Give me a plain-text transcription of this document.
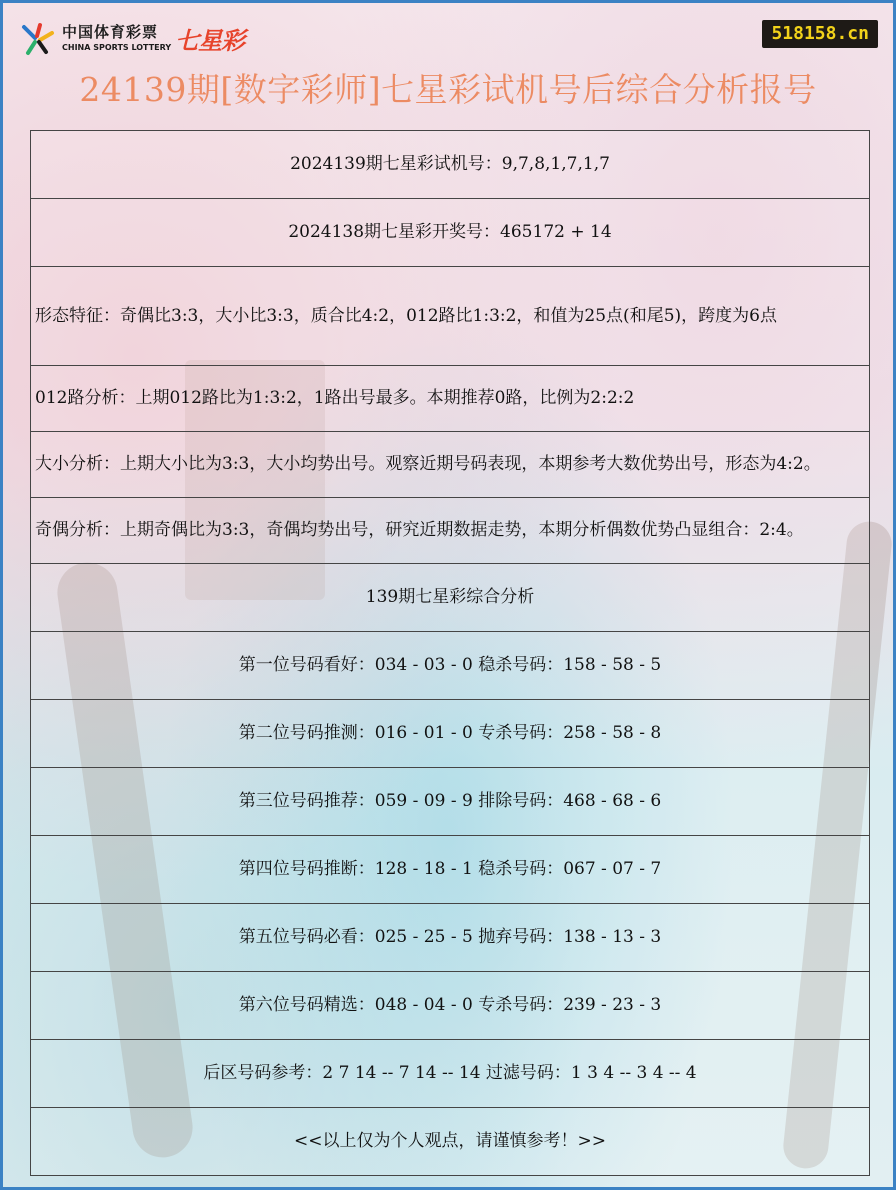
中国体育彩票
CHINA SPORTS LOTTERY 七星彩	518158.cn
24139期[数字彩师]七星彩试机号后综合分析报号
2024139期七星彩试机号：9,7,8,1,7,1,7
2024138期七星彩开奖号：465172 + 14
形态特征：奇偶比3:3，大小比3:3，质合比4:2，012路比1:3:2，和值为25点(和尾5)，跨度为6点
012路分析：上期012路比为1:3:2，1路出号最多。本期推荐0路，比例为2:2:2
大小分析：上期大小比为3:3，大小均势出号。观察近期号码表现，本期参考大数优势出号，形态为4:2。
奇偶分析：上期奇偶比为3:3，奇偶均势出号，研究近期数据走势，本期分析偶数优势凸显组合：2:4。
139期七星彩综合分析
第一位号码看好：034 - 03 - 0 稳杀号码：158 - 58 - 5
第二位号码推测：016 - 01 - 0 专杀号码：258 - 58 - 8
第三位号码推荐：059 - 09 - 9 排除号码：468 - 68 - 6
第四位号码推断：128 - 18 - 1 稳杀号码：067 - 07 - 7
第五位号码必看：025 - 25 - 5 抛弃号码：138 - 13 - 3
第六位号码精选：048 - 04 - 0 专杀号码：239 - 23 - 3
后区号码参考：2 7 14 -- 7 14 -- 14 过滤号码：1 3 4 -- 3 4 -- 4
<<以上仅为个人观点，请谨慎参考！>>
